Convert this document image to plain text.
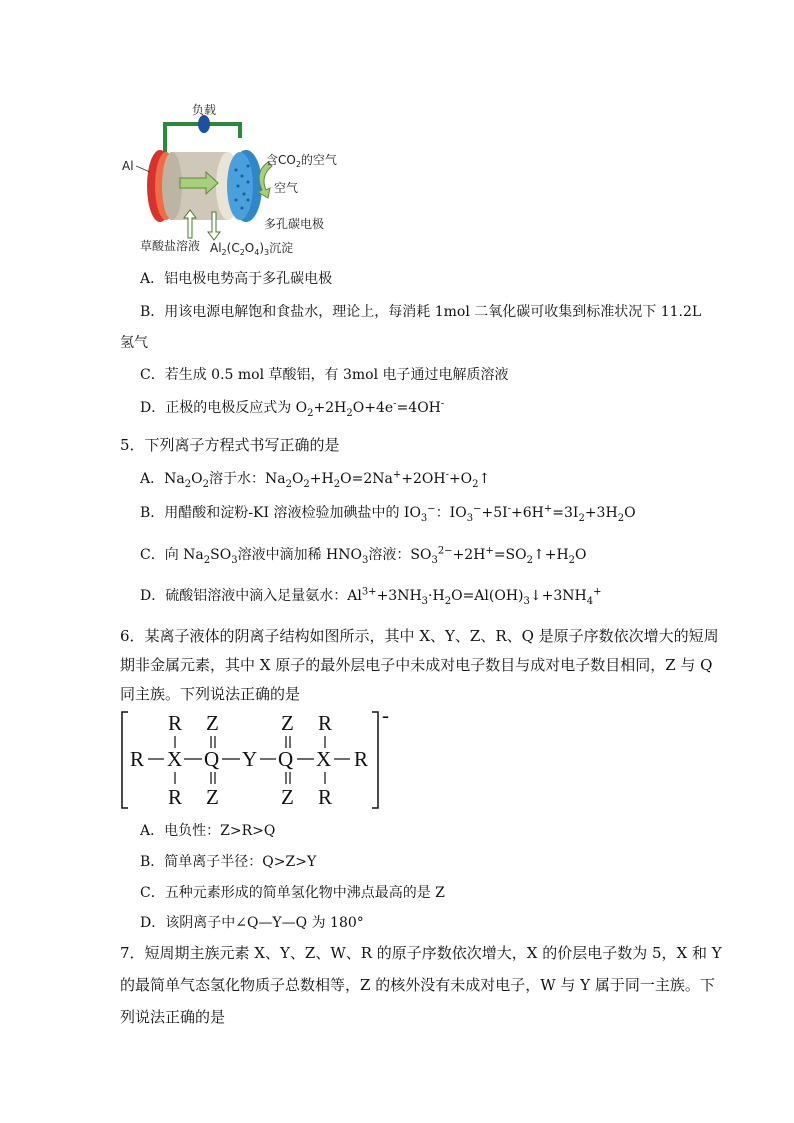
负载
Al	含$CO_2$的空气
空气
多孔碳电极
草酸盐溶液 $Al_2(C_2O_4)_3$沉淀
A．铝电极电势高于多孔碳电极
B．用该电源电解饱和食盐水，理论上，每消耗 1mol 二氧化碳可收集到标准状况下 11.2L
氢气
C．若生成 0.5 mol 草酸铝，有 3mol 电子通过电解质溶液
D．正极的电极反应式为 $O_2+2H_2O+4e^-=4OH^-$
5．下列离子方程式书写正确的是
A．$Na_2O_2$溶于水：$Na_2O_2+H_2O=2Na^++2OH^-+O_2↑$
B．用醋酸和淀粉-KI 溶液检验加碘盐中的 $IO_3^-$：$IO_3^-+5I^-+6H^+=3I_2+3H_2O$
C．向 $Na_2SO_3$溶液中滴加稀 $HNO_3$溶液：$SO_3^{2-}+2H^+=SO_2↑+H_2O$
D．硫酸铝溶液中滴入足量氨水：$Al^{3+}+3NH_3\cdot H_2O=Al(OH)_3↓+3NH_4^+$
6．某离子液体的阴离子结构如图所示，其中 X、Y、Z、R、Q 是原子序数依次增大的短周
期非金属元素，其中 X 原子的最外层电子中未成对电子数目与成对电子数目相同，Z 与 Q
同主族。下列说法正确的是
-
R Z	Z R
R X Q Y Q X R
R Z	Z R
A．电负性：Z>R>Q
B．简单离子半径：Q>Z>Y
C．五种元素形成的简单氢化物中沸点最高的是 Z
D．该阴离子中∠Q—Y—Q 为 180°
7．短周期主族元素 X、Y、Z、W、R 的原子序数依次增大，X 的价层电子数为 5，X 和 Y
的最简单气态氢化物质子总数相等，Z 的核外没有未成对电子，W 与 Y 属于同一主族。下
列说法正确的是
